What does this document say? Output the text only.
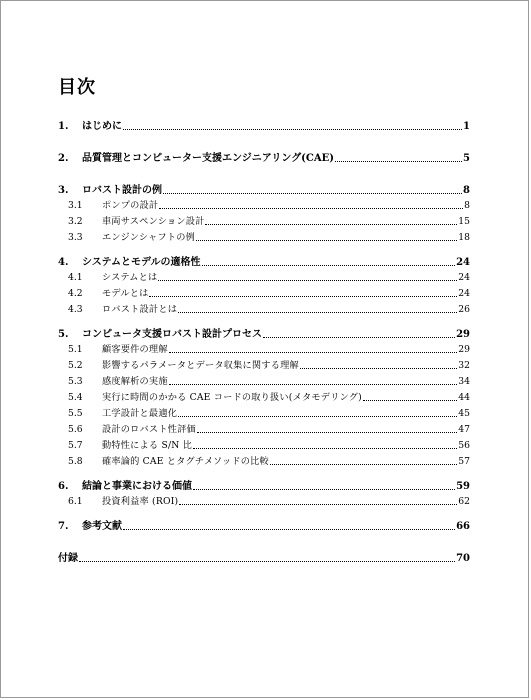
目次
1.	はじめに	1
2.	品質管理とコンピューター支援エンジニアリング(CAE)	5
3.	ロバスト設計の例	8
3.1	ポンプの設計	8
3.2	車両サスペンション設計	15
3.3	エンジンシャフトの例	18
4.	システムとモデルの適格性	24
4.1	システムとは	24
4.2	モデルとは	24
4.3	ロバスト設計とは	26
5.	コンピュータ支援ロバスト設計プロセス	29
5.1	顧客要件の理解	29
5.2	影響するパラメータとデータ収集に関する理解	32
5.3	感度解析の実施	34
5.4	実行に時間のかかる CAE コードの取り扱い(メタモデリング)	44
5.5	工学設計と最適化	45
5.6	設計のロバスト性評価	47
5.7	動特性による S/N 比	56
5.8	確率論的 CAE とタグチメソッドの比較	57
6.	結論と事業における価値	59
6.1	投資利益率 (ROI)	62
7.	参考文献	66
付録	70
